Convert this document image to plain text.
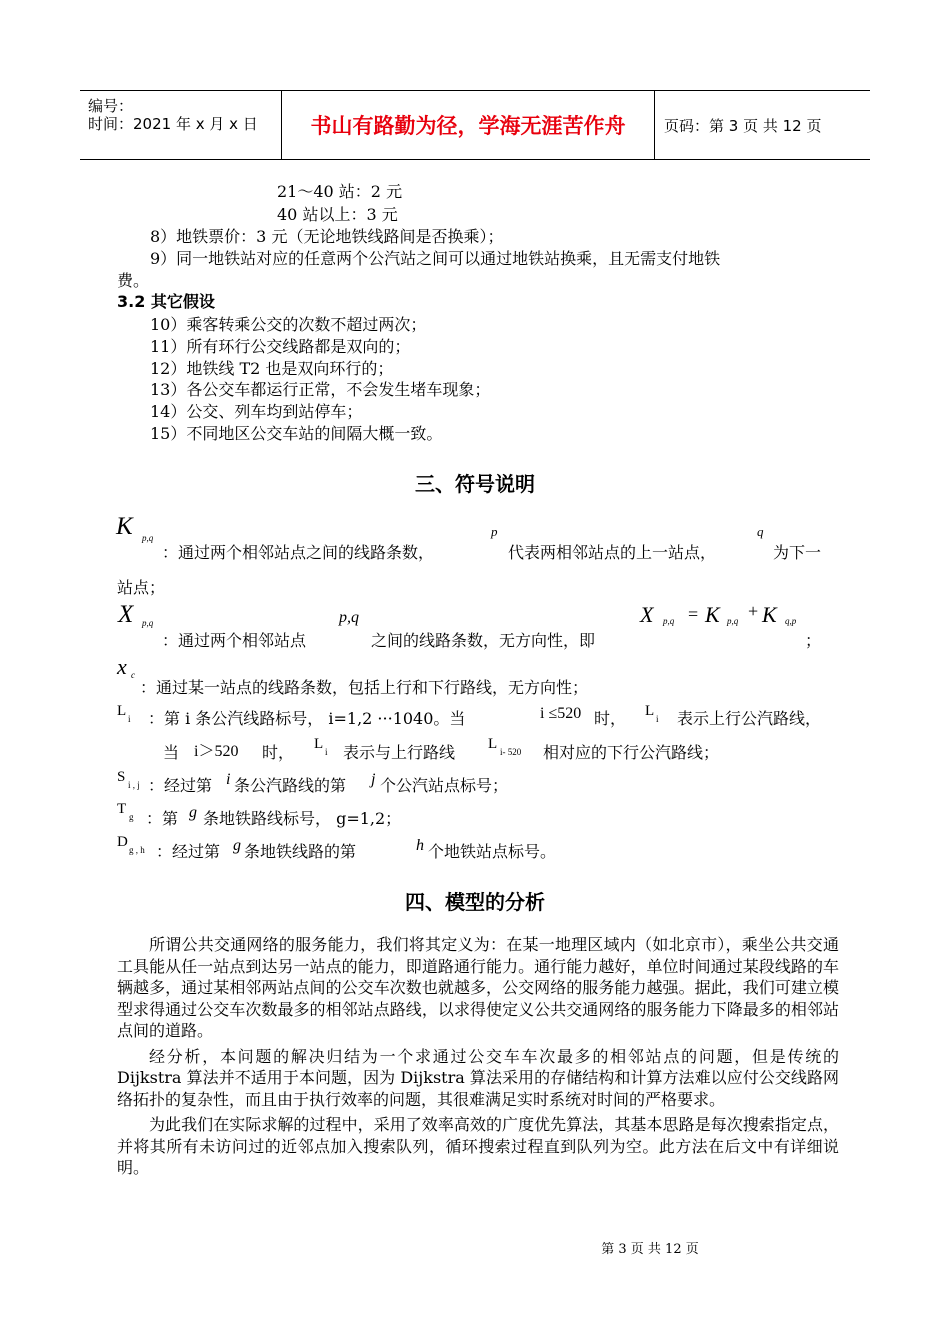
编号：
时间：2021 年 x 月 x 日	书山有路勤为径，学海无涯苦作舟	页码：第 3 页 共 12 页
21～40 站：2 元
40 站以上：3 元
8）地铁票价：3 元（无论地铁线路间是否换乘）；
9）同一地铁站对应的任意两个公汽站之间可以通过地铁站换乘，且无需支付地铁
费。
3.2 其它假设
10）乘客转乘公交的次数不超过两次；
11）所有环行公交线路都是双向的；
12）地铁线 T2 也是双向环行的；
13）各公交车都运行正常，不会发生堵车现象；
14）公交、列车均到站停车；
15）不同地区公交车站的间隔大概一致。
三、符号说明
K p,q
：通过两个相邻站点之间的线路条数，
p
代表两相邻站点的上一站点，
q
为下一
站点；
X p,q
：通过两个相邻站点
p,q
之间的线路条数，无方向性，即
X p,q = K p,q + K q,p
；
x c
：通过某一站点的线路条数，包括上行和下行路线，无方向性；
L i ：第 i 条公汽线路标号， i=1,2 ···1040。当	i ≤520 时， L i 表示上行公汽路线，
当 i＞520 时， L i 表示与上行路线 L i- 520 相对应的下行公汽路线；
S i , j ：经过第 i 条公汽路线的第 j 个公汽站点标号；
T g ：第 g 条地铁路线标号， g=1,2；
D g , h ：经过第 g 条地铁线路的第	h 个地铁站点标号。
四、模型的分析

所谓公共交通网络的服务能力，我们将其定义为：在某一地理区域内（如北京市），乘坐公共交通工具能从任一站点到达另一站点的能力，即道路通行能力。通行能力越好，单位时间通过某段线路的车辆越多，通过某相邻两站点间的公交车次数也就越多，公交网络的服务能力越强。据此，我们可建立模型求得通过公交车次数最多的相邻站点路线，以求得使定义公共交通网络的服务能力下降最多的相邻站点间的道路。

经分析，本问题的解决归结为一个求通过公交车车次最多的相邻站点的问题，但是传统的 Dijkstra 算法并不适用于本问题，因为 Dijkstra 算法采用的存储结构和计算方法难以应付公交线路网络拓扑的复杂性，而且由于执行效率的问题，其很难满足实时系统对时间的严格要求。

为此我们在实际求解的过程中，采用了效率高效的广度优先算法，其基本思路是每次搜索指定点，并将其所有未访问过的近邻点加入搜索队列，循环搜索过程直到队列为空。此方法在后文中有详细说明。

第 3 页 共 12 页
